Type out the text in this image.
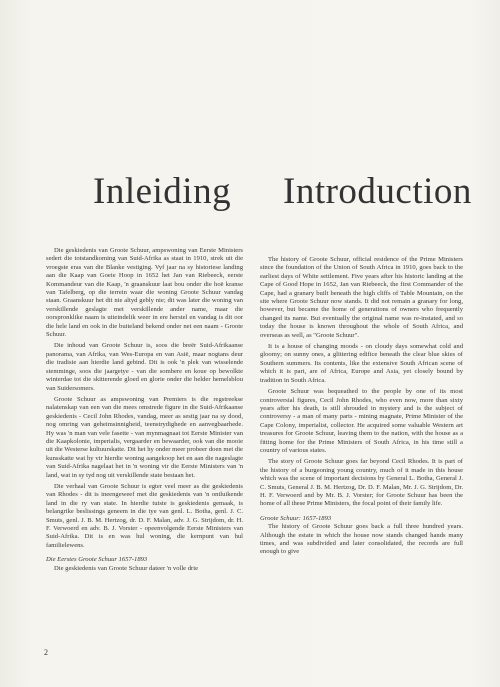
Inleiding Introduction

Die geskiedenis van Groote Schuur, ampswoning van Eerste Ministers sedert die totstandkoming van Suid-Afrika as staat in 1910, strek uit die vroegste eras van die Blanke vestiging. Vyf jaar na sy historiese landing aan die Kaap van Goeie Hoop in 1652 het Jan van Riebeeck, eerste Kommandeur van die Kaap, 'n graanskuur laat bou onder die hoë kranse van Tafelberg, op die terrein waar die woning Groote Schuur vandag staan. Graanskuur het dit nie altyd gebly nie; dit was later die woning van verskillende geslagte met verskillende ander name, maar die oorspronklike naam is uiteindelik weer in ere herstel en vandag is dit oor die hele land en ook in die buiteland bekend onder net een naam - Groote Schuur.

Die inhoud van Groote Schuur is, soos die breër Suid-Afrikaanse panorama, van Afrika, van Wes-Europa en van Asië, maar nogtans deur die tradisie aan hierdie land gebind. Dit is ook 'n plek van wisselende stemminge, soos die jaargetye - van die sombere en koue op bewolkte winterdae tot die skitterende gloed en glorie onder die helder hemelsblou van Suidersomers.

Groote Schuur as ampswoning van Premiers is die regstreekse nalatenskap van een van die mees omstrede figure in die Suid-Afrikaanse geskiedenis - Cecil John Rhodes, vandag, meer as sestig jaar na sy dood, nog omring van geheimsinnigheid, teenstrydighede en aanvegbaarhede. Hy was 'n man van vele fasette - van mynmagnaat tot Eerste Minister van die Kaapkolonie, imperialis, vergaarder en bewaarder, ook van die mooie uit die Westerse kultuurskatte. Dit het hy onder meer probeer doen met die kunsskatte wat hy vir hierdie woning aangekoop het en aan die nageslagte van Suid-Afrika nagelaat het in 'n woning vir die Eerste Ministers van 'n land, wat in sy tyd nog uit verskillende state bestaan het.

Die verhaal van Groote Schuur is egter veel meer as die geskiedenis van Rhodes - dit is ineengeweef met die geskiedenis van 'n ontluikende land in die ry van state. In hierdie tuiste is geskiedenis gemaak, is belangrike beslissings geneem in die tye van genl. L. Botha, genl. J. C. Smuts, genl. J. B. M. Hertzog, dr. D. F. Malan, adv. J. G. Strijdom, dr. H. F. Verwoerd en adv. B. J. Vorster - opeenvolgende Eerste Ministers van Suid-Afrika. Dit is en was hul woning, die kernpunt van hul familielewens.

Die Eerstes Groote Schuur 1657-1893

Die geskiedenis van Groote Schuur dateer 'n volle drie

The history of Groote Schuur, official residence of the Prime Ministers since the foundation of the Union of South Africa in 1910, goes back to the earliest days of White settlement. Five years after his historic landing at the Cape of Good Hope in 1652, Jan van Riebeeck, the first Commander of the Cape, had a granary built beneath the high cliffs of Table Mountain, on the site where Groote Schuur now stands. It did not remain a granary for long, however, but became the home of generations of owners who frequently changed its name. But eventually the original name was re-instated, and so today the house is known throughout the whole of South Africa, and overseas as well, as "Groote Schuur".

It is a house of changing moods - on cloudy days somewhat cold and gloomy; on sunny ones, a glittering edifice beneath the clear blue skies of Southern summers. Its contents, like the extensive South African scene of which it is part, are of Africa, Europe and Asia, yet closely bound by tradition in South Africa.

Groote Schuur was bequeathed to the people by one of its most controversial figures, Cecil John Rhodes, who even now, more than sixty years after his death, is still shrouded in mystery and is the subject of controversy - a man of many parts - mining magnate, Prime Minister of the Cape Colony, imperialist, collector. He acquired some valuable Western art treasures for Groote Schuur, leaving them to the nation, with the house as a fitting home for the Prime Ministers of South Africa, in his time still a country of various states.

The story of Groote Schuur goes far beyond Cecil Rhodes. It is part of the history of a burgeoning young country, much of it made in this house which was the scene of important decisions by General L. Botha, General J. C. Smuts, General J. B. M. Hertzog, Dr. D. F. Malan, Mr. J. G. Strijdom, Dr. H. F. Verwoerd and by Mr. B. J. Vorster; for Groote Schuur has been the home of all these Prime Ministers, the focal point of their family life.

Groote Schuur: 1657-1893

The history of Groote Schuur goes back a full three hundred years. Although the estate in which the house now stands changed hands many times, and was subdivided and later consolidated, the records are full enough to give

2
